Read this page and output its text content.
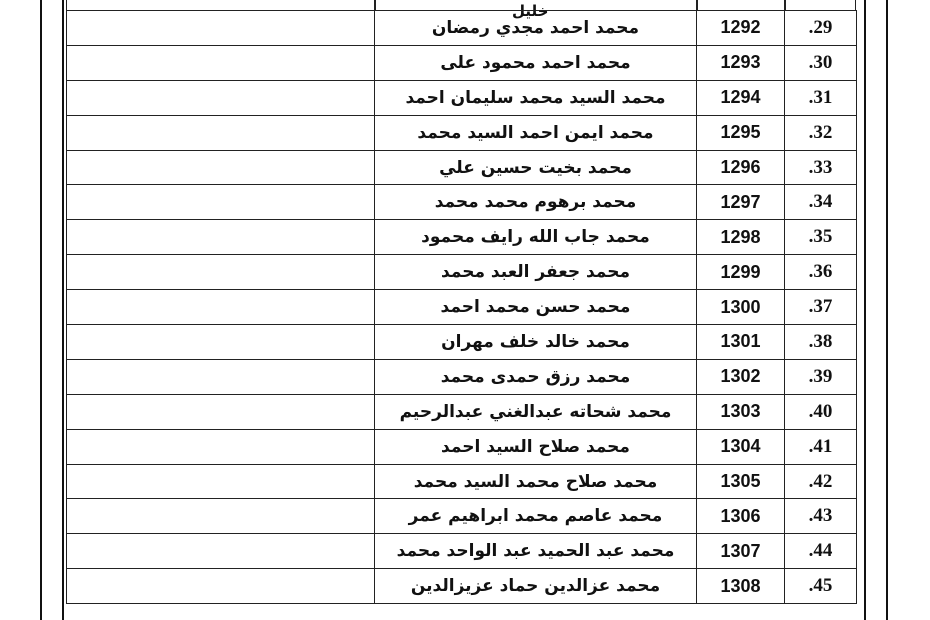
خليل
	محمد احمد مجدي رمضان	1292	.29
	محمد احمد محمود على	1293	.30
	محمد السيد محمد سليمان احمد	1294	.31
	محمد ايمن احمد السيد محمد	1295	.32
	محمد بخيت حسين علي	1296	.33
	محمد برهوم محمد محمد	1297	.34
	محمد جاب الله رايف محمود	1298	.35
	محمد جعفر العبد محمد	1299	.36
	محمد حسن محمد احمد	1300	.37
	محمد خالد خلف مهران	1301	.38
	محمد رزق حمدى محمد	1302	.39
	محمد شحاته عبدالغني عبدالرحيم	1303	.40
	محمد صلاح السيد احمد	1304	.41
	محمد صلاح محمد السيد محمد	1305	.42
	محمد عاصم محمد ابراهيم عمر	1306	.43
	محمد عبد الحميد عبد الواحد محمد	1307	.44
	محمد عزالدين حماد عزيزالدين	1308	.45
